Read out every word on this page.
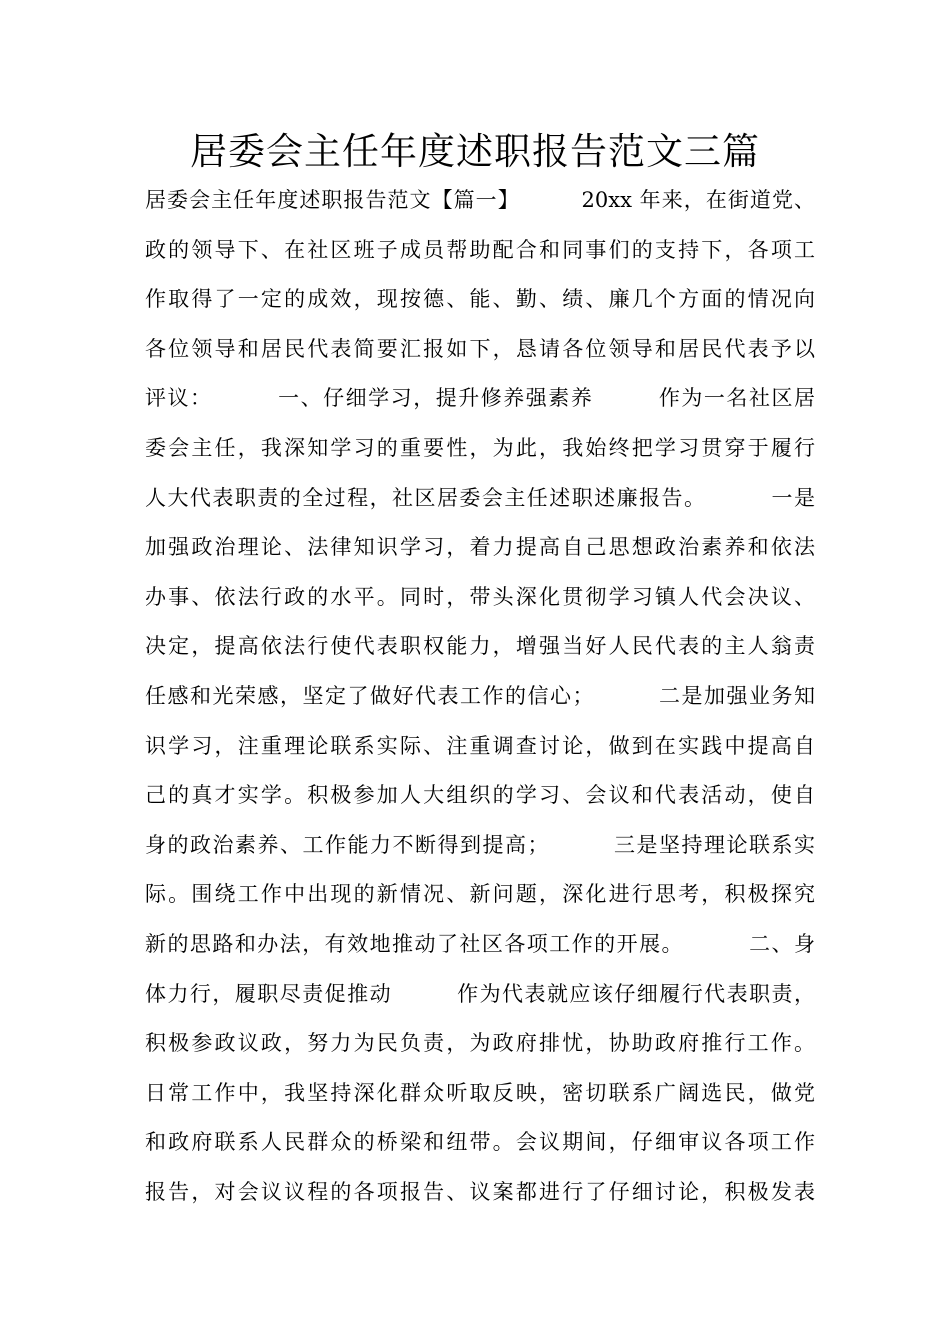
居委会主任年度述职报告范文三篇
居委会主任年度述职报告范文【篇一】        20xx 年来，在街道党、
政的领导下、在社区班子成员帮助配合和同事们的支持下，各项工
作取得了一定的成效，现按德、能、勤、绩、廉几个方面的情况向
各位领导和居民代表简要汇报如下，恳请各位领导和居民代表予以
评议：        一、仔细学习，提升修养强素养        作为一名社区居
委会主任，我深知学习的重要性，为此，我始终把学习贯穿于履行
人大代表职责的全过程，社区居委会主任述职述廉报告。        一是
加强政治理论、法律知识学习，着力提高自己思想政治素养和依法
办事、依法行政的水平。同时，带头深化贯彻学习镇人代会决议、
决定，提高依法行使代表职权能力，增强当好人民代表的主人翁责
任感和光荣感，坚定了做好代表工作的信心；        二是加强业务知
识学习，注重理论联系实际、注重调查讨论，做到在实践中提高自
己的真才实学。积极参加人大组织的学习、会议和代表活动，使自
身的政治素养、工作能力不断得到提高；        三是坚持理论联系实
际。围绕工作中出现的新情况、新问题，深化进行思考，积极探究
新的思路和办法，有效地推动了社区各项工作的开展。        二、身
体力行，履职尽责促推动        作为代表就应该仔细履行代表职责，
积极参政议政，努力为民负责，为政府排忧，协助政府推行工作。
日常工作中，我坚持深化群众听取反映，密切联系广阔选民，做党
和政府联系人民群众的桥梁和纽带。会议期间，仔细审议各项工作
报告，对会议议程的各项报告、议案都进行了仔细讨论，积极发表
